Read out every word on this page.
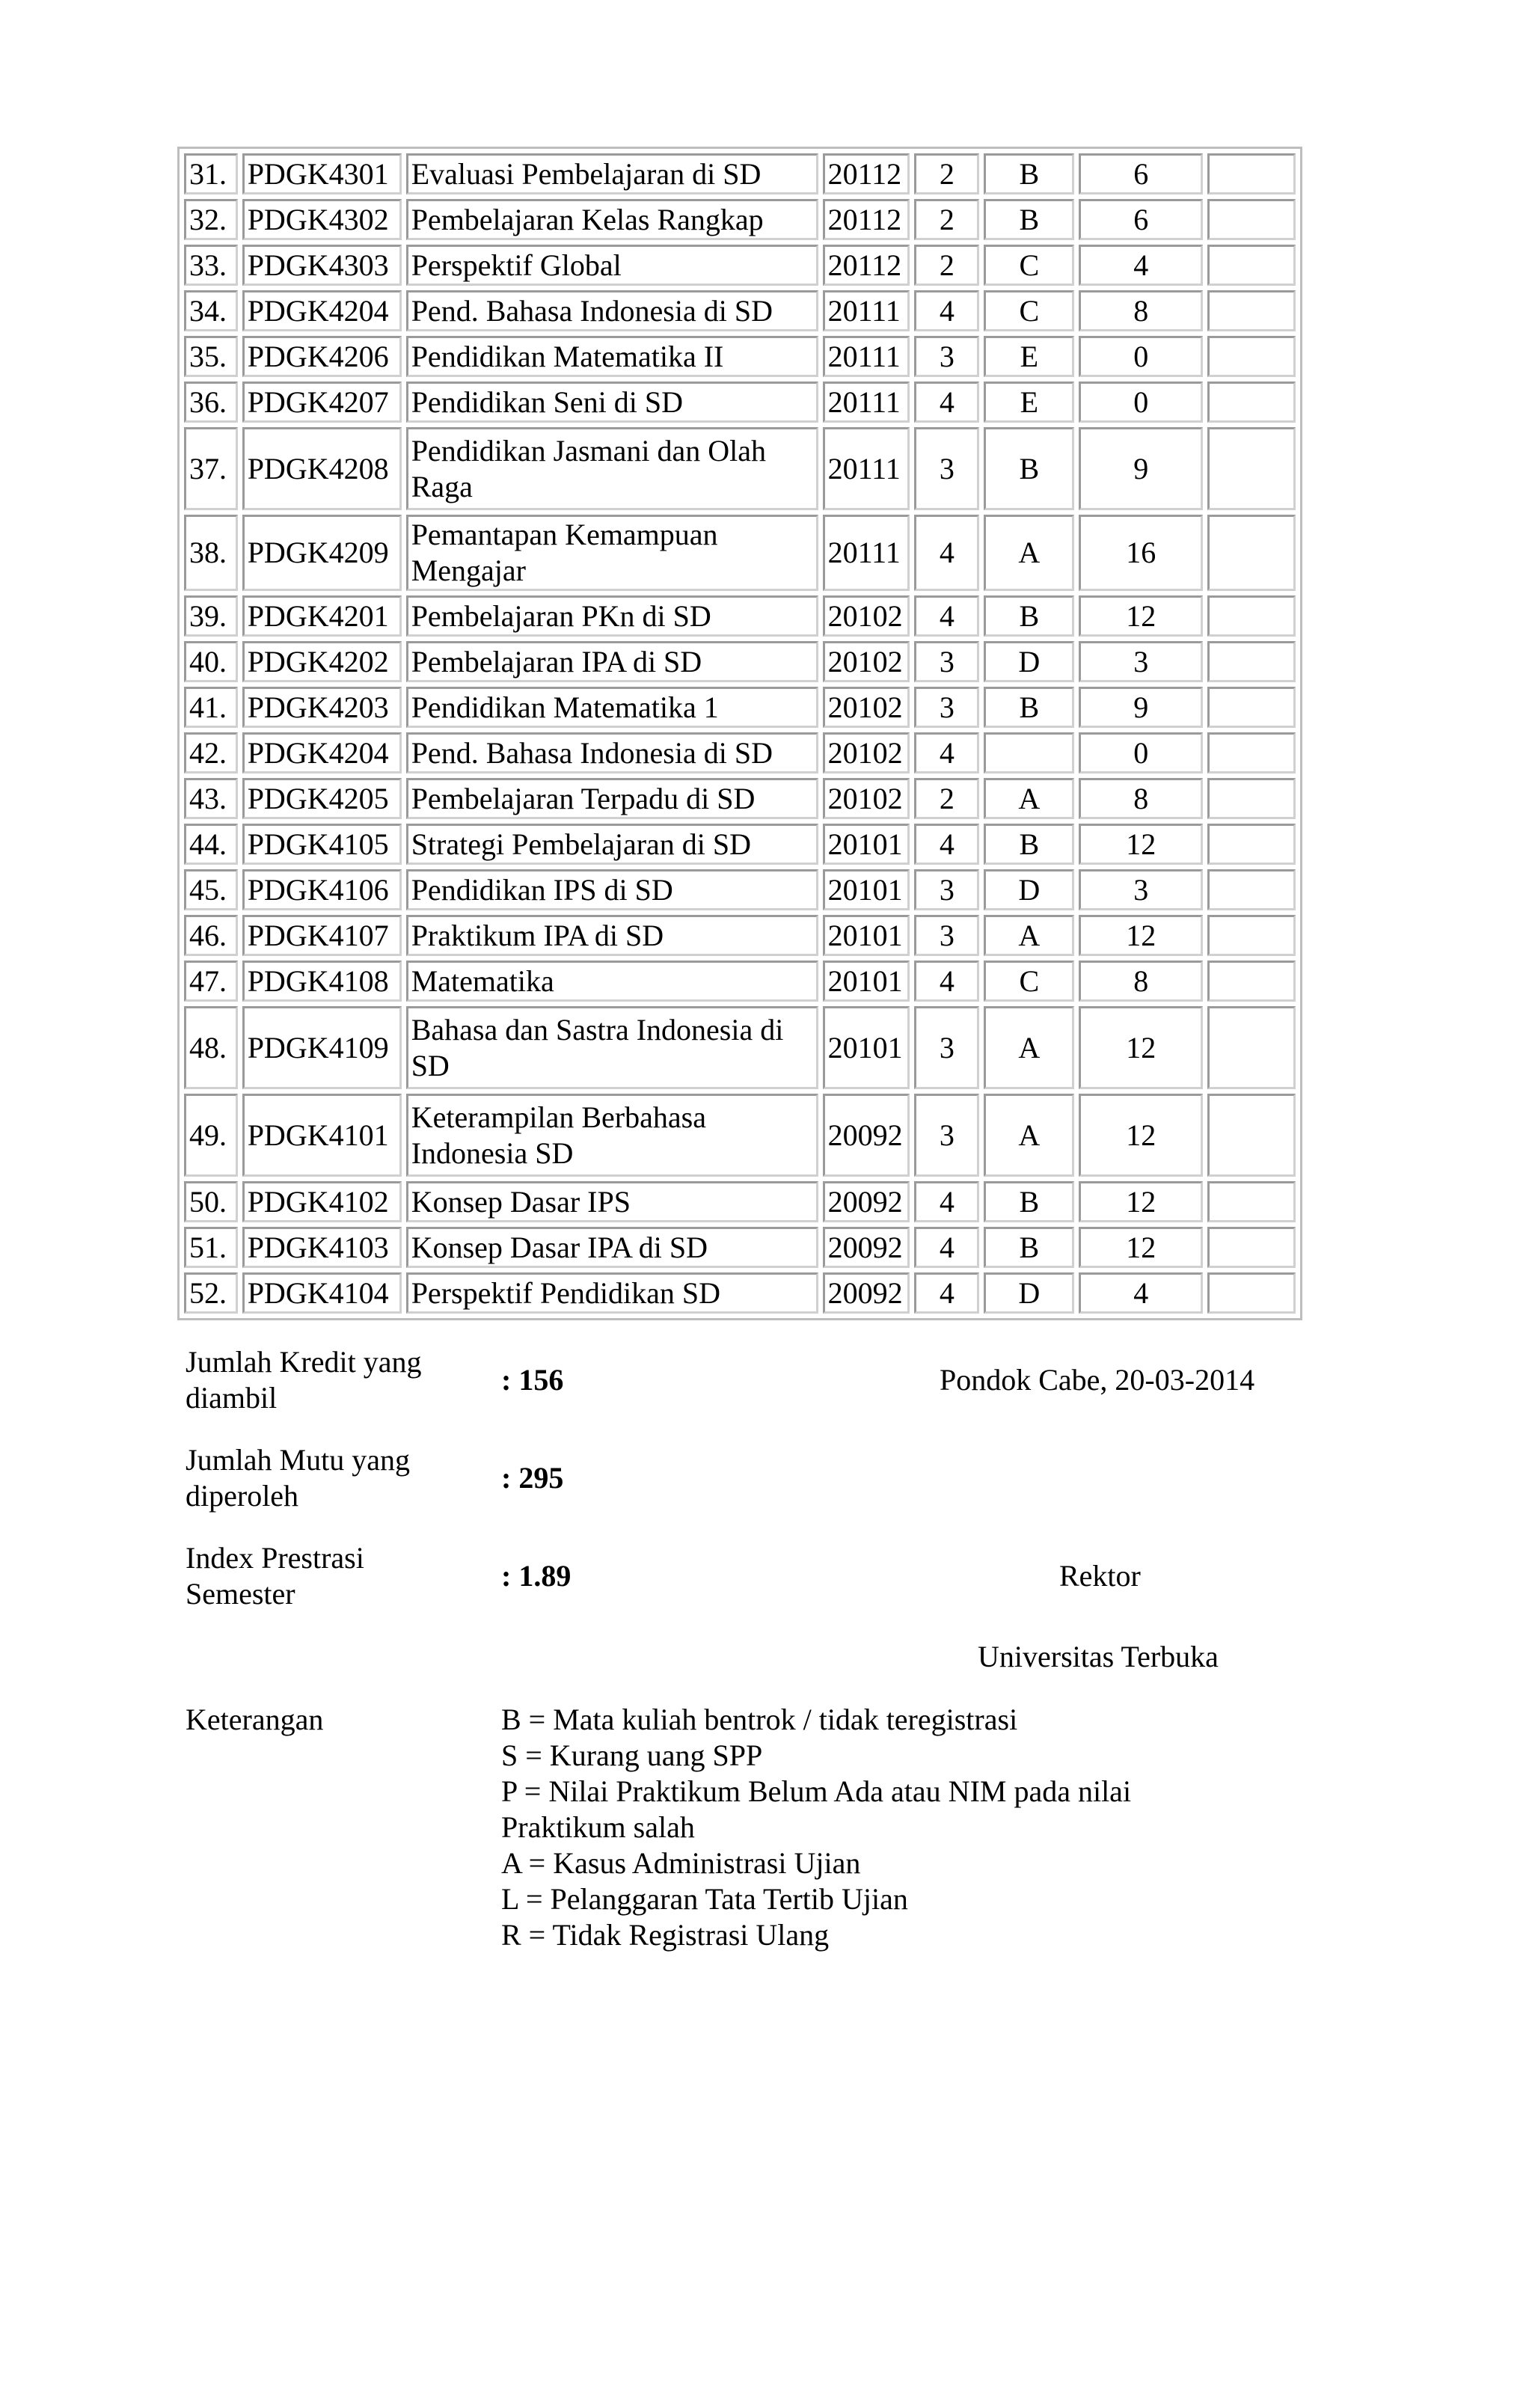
31.	PDGK4301	Evaluasi Pembelajaran di SD	20112	2	B	6	
32.	PDGK4302	Pembelajaran Kelas Rangkap	20112	2	B	6	
33.	PDGK4303	Perspektif Global	20112	2	C	4	
34.	PDGK4204	Pend. Bahasa Indonesia di SD	20111	4	C	8	
35.	PDGK4206	Pendidikan Matematika II	20111	3	E	0	
36.	PDGK4207	Pendidikan Seni di SD	20111	4	E	0	
37.	PDGK4208	Pendidikan Jasmani dan Olah Raga	20111	3	B	9	
38.	PDGK4209	Pemantapan Kemampuan Mengajar	20111	4	A	16	
39.	PDGK4201	Pembelajaran PKn di SD	20102	4	B	12	
40.	PDGK4202	Pembelajaran IPA di SD	20102	3	D	3	
41.	PDGK4203	Pendidikan Matematika 1	20102	3	B	9	
42.	PDGK4204	Pend. Bahasa Indonesia di SD	20102	4		0	
43.	PDGK4205	Pembelajaran Terpadu di SD	20102	2	A	8	
44.	PDGK4105	Strategi Pembelajaran di SD	20101	4	B	12	
45.	PDGK4106	Pendidikan IPS di SD	20101	3	D	3	
46.	PDGK4107	Praktikum IPA di SD	20101	3	A	12	
47.	PDGK4108	Matematika	20101	4	C	8	
48.	PDGK4109	Bahasa dan Sastra Indonesia di SD	20101	3	A	12	
49.	PDGK4101	Keterampilan Berbahasa Indonesia SD	20092	3	A	12	
50.	PDGK4102	Konsep Dasar IPS	20092	4	B	12	
51.	PDGK4103	Konsep Dasar IPA di SD	20092	4	B	12	
52.	PDGK4104	Perspektif Pendidikan SD	20092	4	D	4	
Jumlah Kredit yang diambil
: 156	Pondok Cabe, 20-03-2014
Jumlah Mutu yang diperoleh
: 295
Index Prestrasi Semester
: 1.89	Rektor
Universitas Terbuka
Keterangan	B = Mata kuliah bentrok / tidak teregistrasi
S = Kurang uang SPP
P = Nilai Praktikum Belum Ada atau NIM pada nilai Praktikum salah
A = Kasus Administrasi Ujian
L = Pelanggaran Tata Tertib Ujian
R = Tidak Registrasi Ulang
